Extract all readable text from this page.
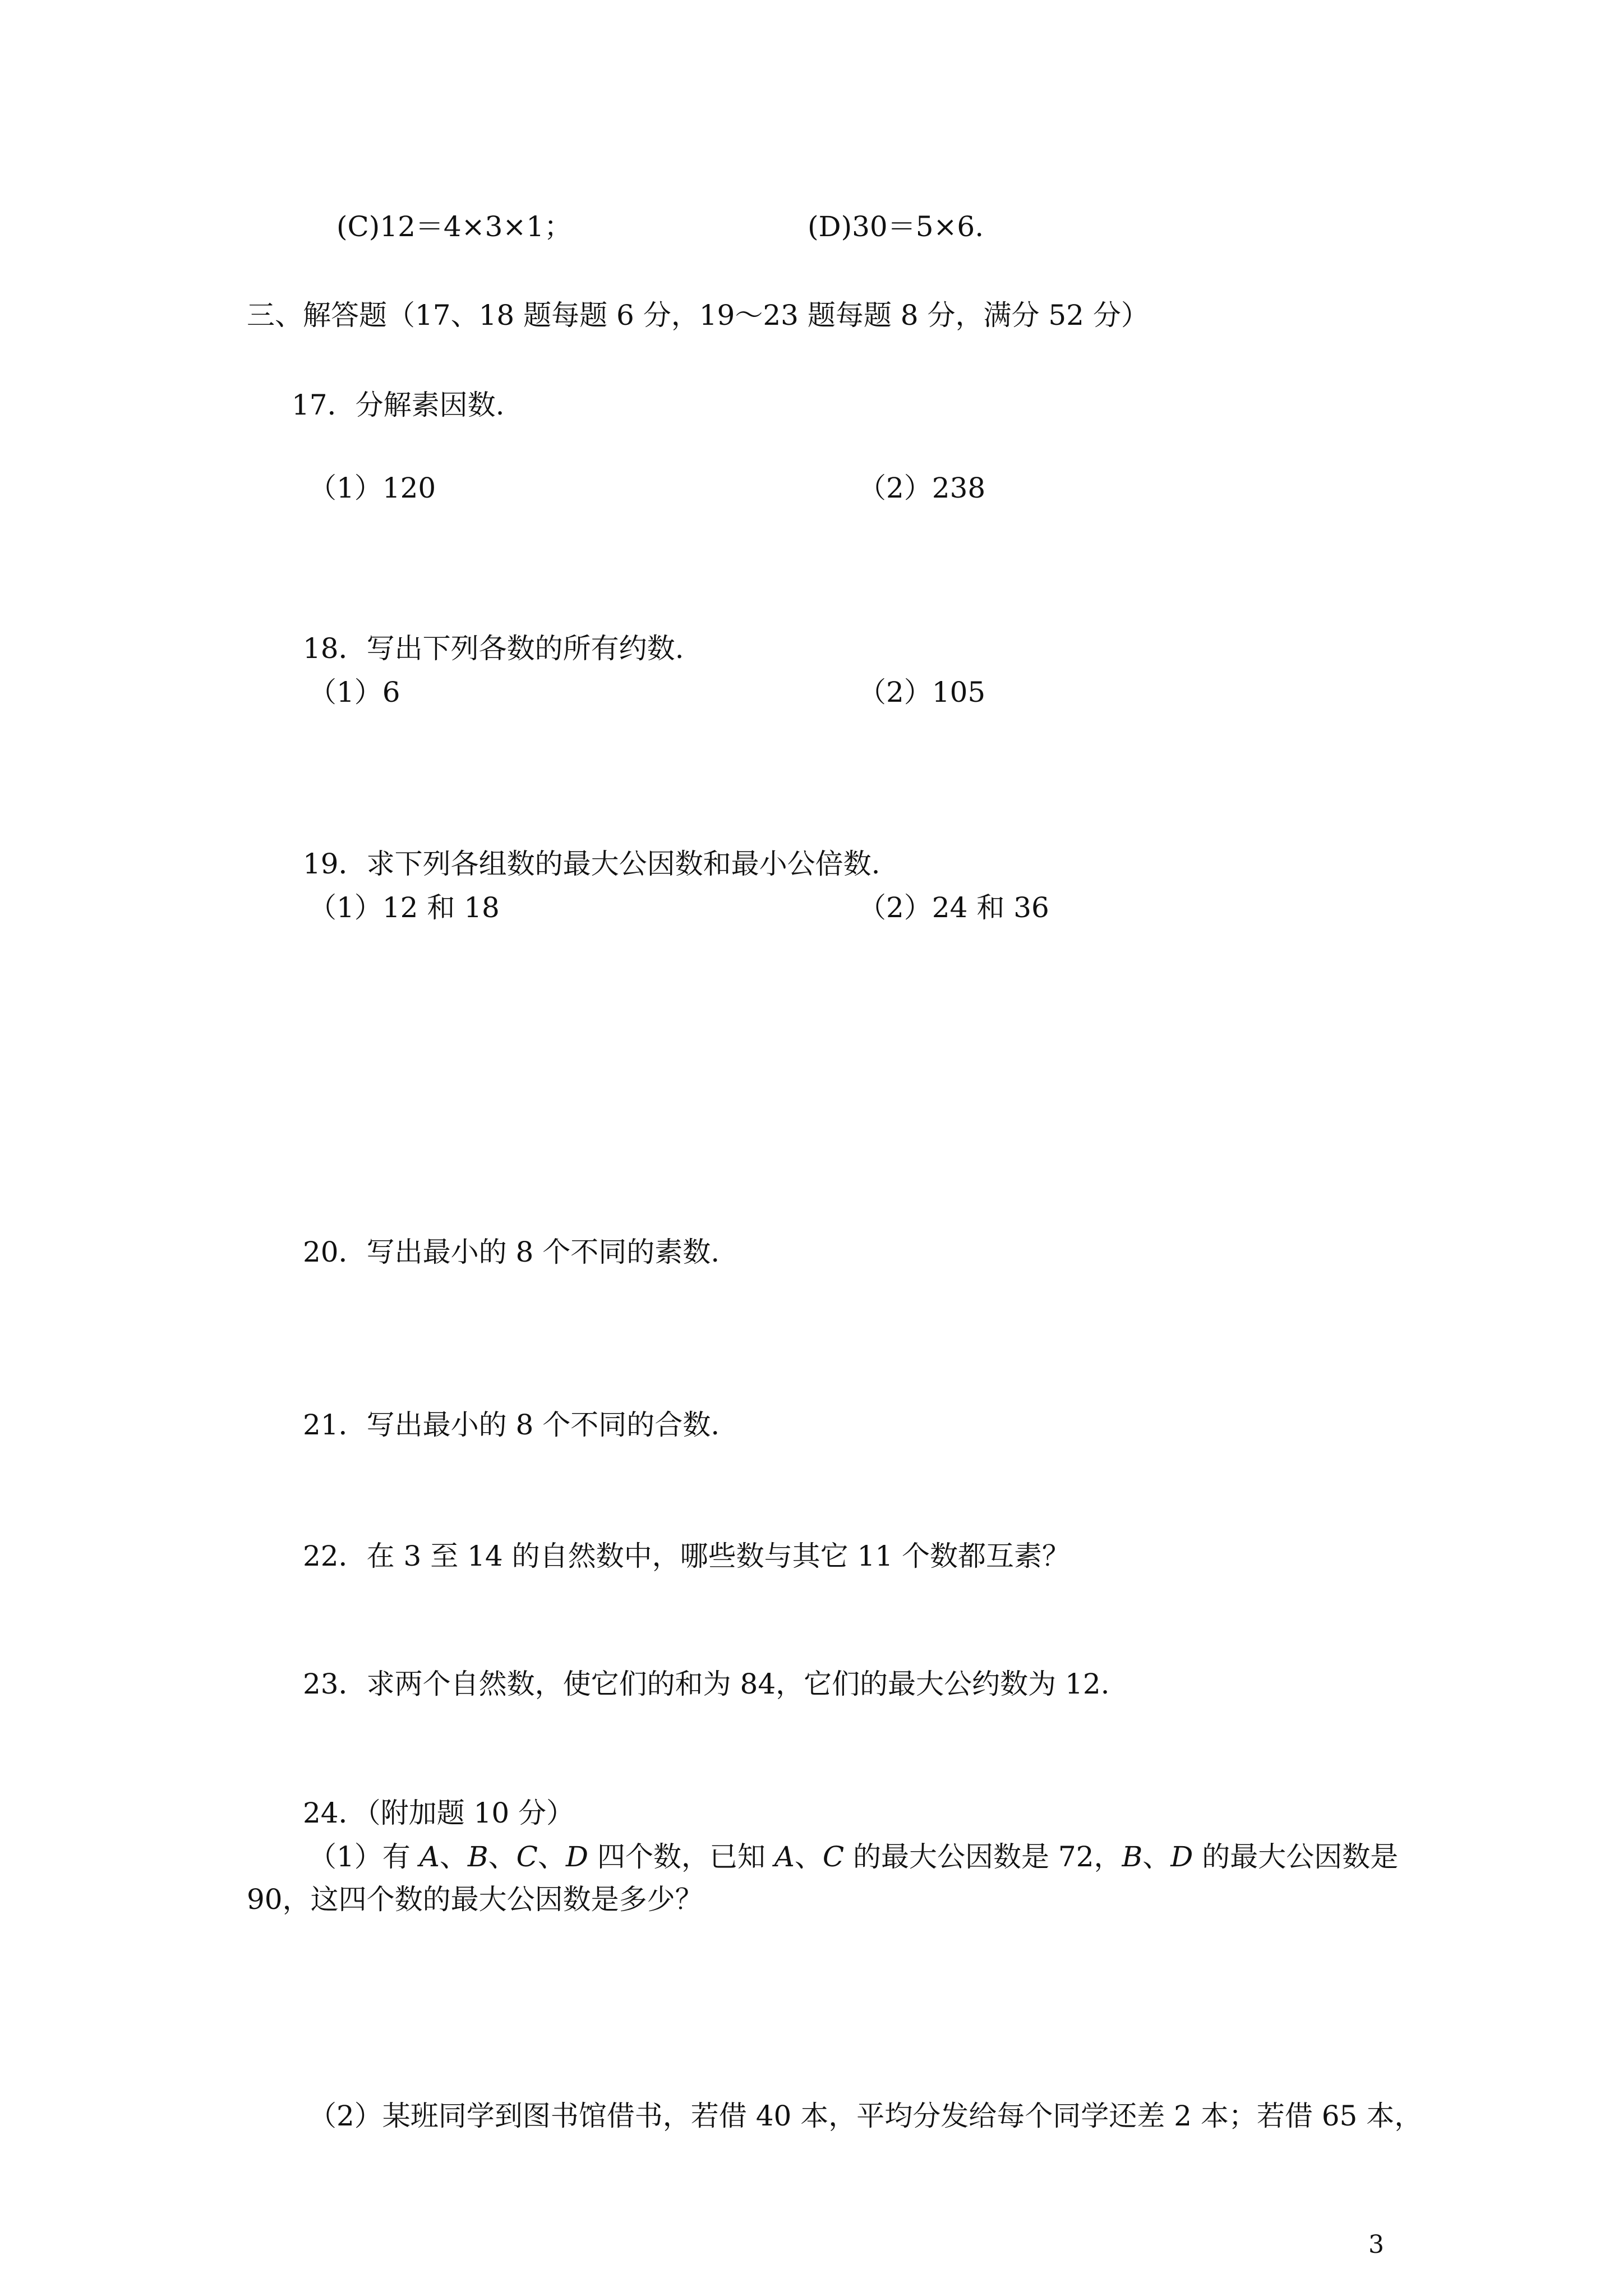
(C)12＝4×3×1；	(D)30＝5×6.
三、解答题（17、18 题每题 6 分，19～23 题每题 8 分，满分 52 分）
17．分解素因数.
（1）120	（2）238
18．写出下列各数的所有约数.
（1）6	（2）105
19．求下列各组数的最大公因数和最小公倍数.
（1）12 和 18	（2）24 和 36
20．写出最小的 8 个不同的素数.
21．写出最小的 8 个不同的合数.
22．在 3 至 14 的自然数中，哪些数与其它 11 个数都互素？
23．求两个自然数，使它们的和为 84，它们的最大公约数为 12.
24．（附加题 10 分）
（1）有 A、B、C、D 四个数，已知 A、C 的最大公因数是 72，B、D 的最大公因数是
90，这四个数的最大公因数是多少？
（2）某班同学到图书馆借书，若借 40 本，平均分发给每个同学还差 2 本；若借 65 本，
3
